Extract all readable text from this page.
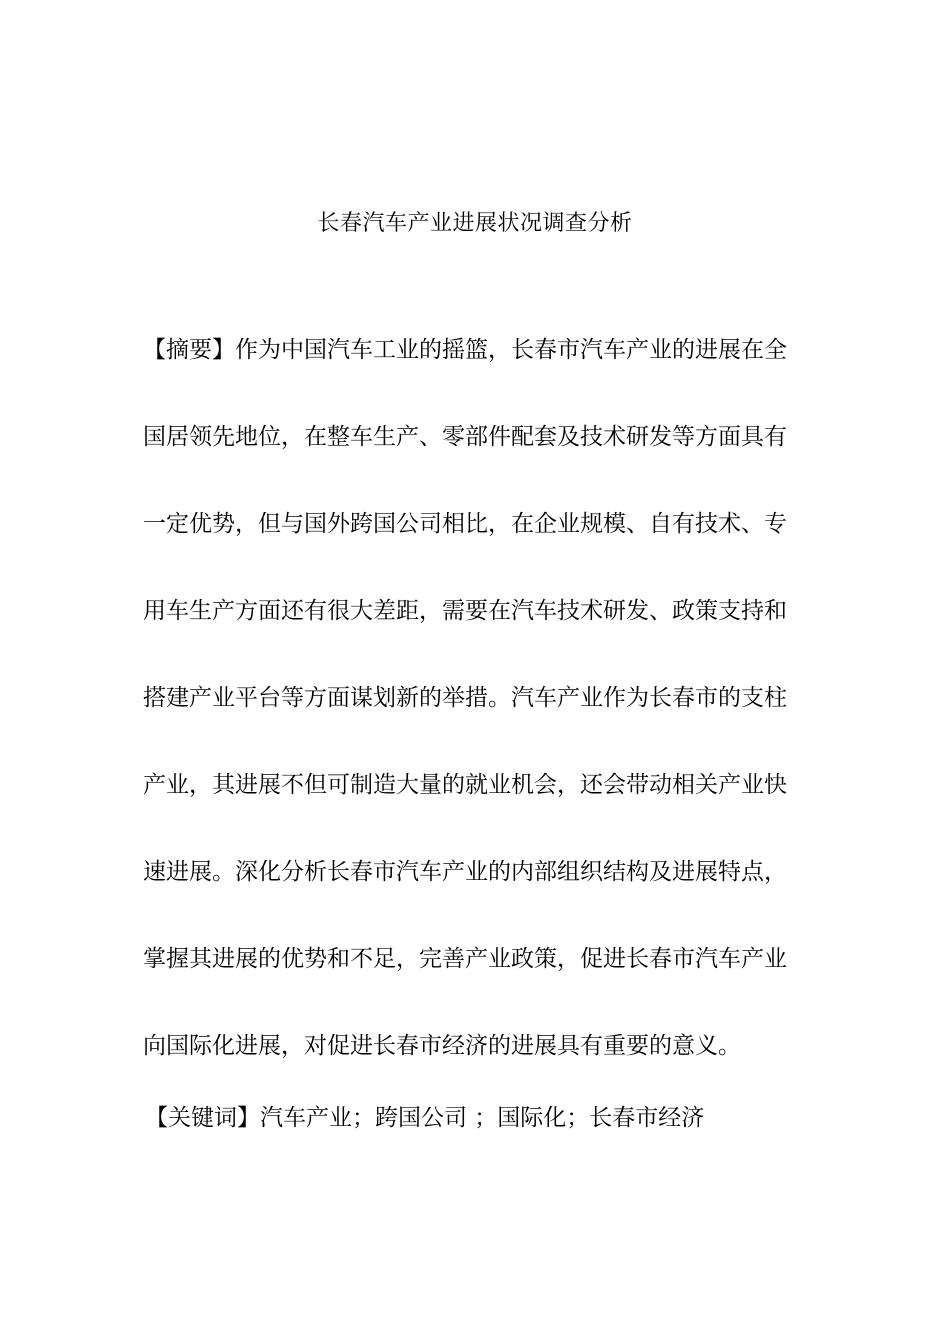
长春汽车产业进展状况调查分析
【摘要】作为中国汽车工业的摇篮，长春市汽车产业的进展在全
国居领先地位，在整车生产、零部件配套及技术研发等方面具有
一定优势，但与国外跨国公司相比，在企业规模、自有技术、专
用车生产方面还有很大差距，需要在汽车技术研发、政策支持和
搭建产业平台等方面谋划新的举措。汽车产业作为长春市的支柱
产业，其进展不但可制造大量的就业机会，还会带动相关产业快
速进展。深化分析长春市汽车产业的内部组织结构及进展特点，
掌握其进展的优势和不足，完善产业政策，促进长春市汽车产业
向国际化进展，对促进长春市经济的进展具有重要的意义。
【关键词】汽车产业；跨国公司 ；国际化；长春市经济
